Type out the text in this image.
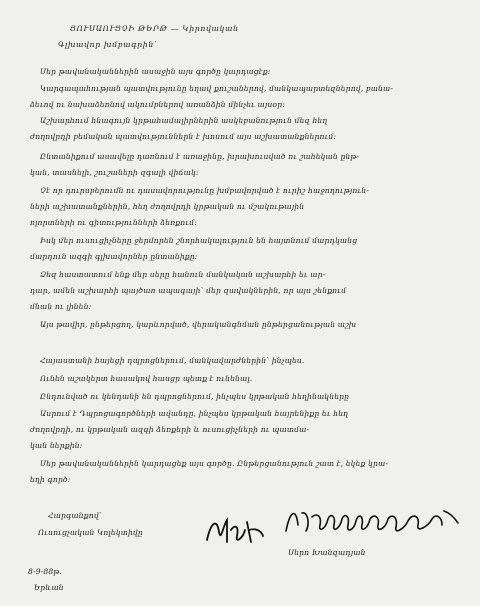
ՅՈՒՍԱՈՒՑՉԻ ԹԵՐԹ — Կիրովական
Գլխավոր խմբագրին՝
Սեր թավանականներին ասաջին այս գործը կարդացէք:
Կարգապահության պատվությունը եղավ քուշաներով, մանկապարտեզներով, բանա-
ձեւով ու նախաձեռնով ակումբներով առանձին մինչեւ այսօր:
Աշխարհում հնագույն կրթահամալիրներին ասկեբանություն մեզ հեղ
ժողովրդի բեմական պատվություններն է խոսում այս աշխատանքներում:
Ընտանիքում ասավելը դառնում է առաջինը, խրախուսված ու շահեկան ընթ-
կան, տասնելի, շուշաների զգալի վիճակ:
Չէ որ դուրսբերումն ու դասավորությունը խմբավորված է ուրիշ հաջողություն-
ների աշխատանքներին, հեղ ժողովրդի կրթական ու մշակութային
ոլորտների ու գիտությունների ձեռքում:
Իսկ մեր ուսուցիչները ջերմորեն շնորհակալություն են հայտնում մարդկանց
մարդուն ազգի գլխավորներ ընտանիքը:
Ձեզ հաստատում ենք մեր սերը հանուն մանկական աշխարհի եւ ար-
դար, ամեն աշխարհի պայծառ ապագայի՝ մեր զավակներին, որ այս շենքում
մնան ու լինեն:
Այս թավիր, ընթերցող, կարևորված, վերականգնման ընթերցանության աշխ
Հայաստանի հայեցի դպրոցներում, մանկավարժներին՝ ինչպես.
Ունեն աշակերտ հասակով հասցր պետք է ունենալ.
Ընդունված ու կենդանի են դպրոցներում, ինչպես կրթական հեղինակները
Ասրում է Դպրոցագործների ավանդը, ինչպես կրթական հայրենիքը եւ հեղ
ժողովրդի, ու կրթական ազգի ձեռքերի և ուսուցիչների ու պատմա-
կան ներքին:
Սեր թավանականներին կարդացեք այս գործը. Ընթերցանություն շատ է, եկեք կրա-
եղի գործ:
Հարգանքով՝
Ուսուցչական Կոլեկտիվը
Սերո Խանզադյան
8-9-88թ.
Երևան
